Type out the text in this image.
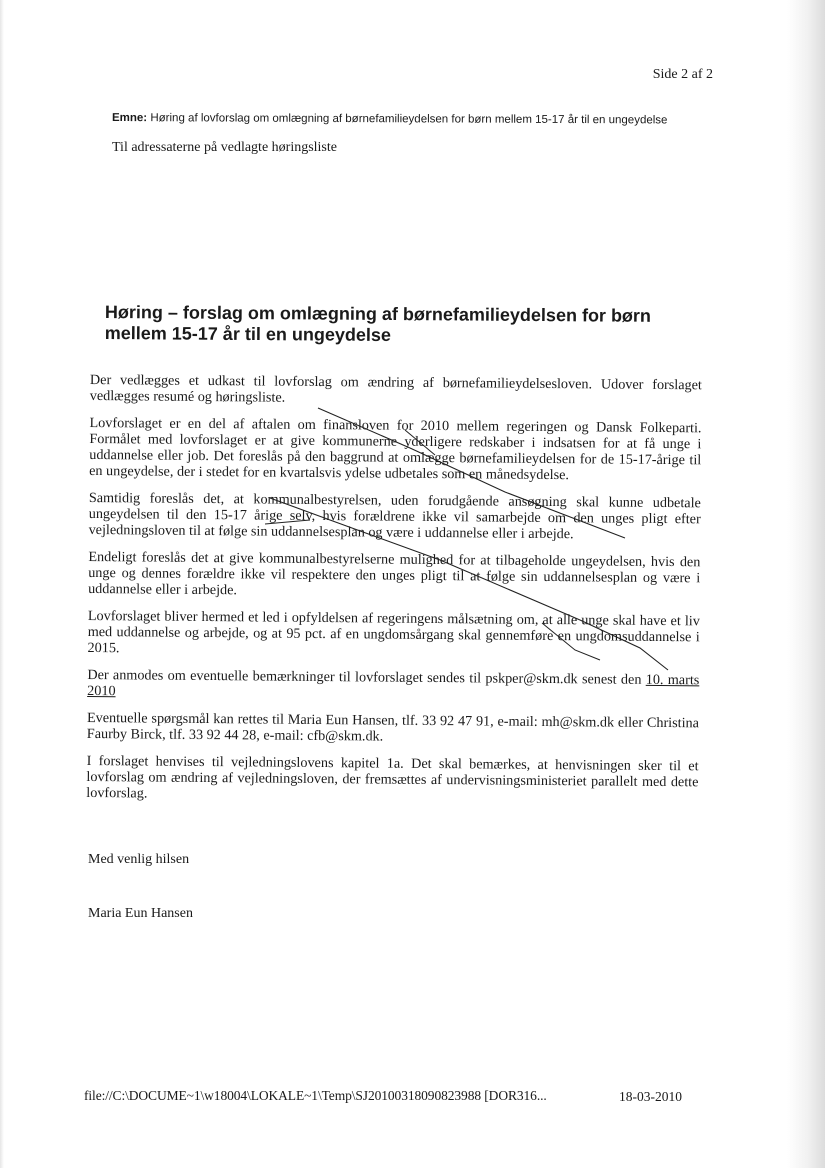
Side 2 af 2
Emne: Høring af lovforslag om omlægning af børnefamilieydelsen for børn mellem 15-17 år til en ungeydelse
Til adressaterne på vedlagte høringsliste
Høring – forslag om omlægning af børnefamilieydelsen for børn mellem 15-17 år til en ungeydelse

Der vedlægges et udkast til lovforslag om ændring af børnefamilieydelsesloven. Udover forslaget vedlægges resumé og høringsliste.

Lovforslaget er en del af aftalen om finansloven for 2010 mellem regeringen og Dansk Folkeparti. Formålet med lovforslaget er at give kommunerne yderligere redskaber i indsatsen for at få unge i uddannelse eller job. Det foreslås på den baggrund at omlægge børnefamilieydelsen for de 15-17-årige til en ungeydelse, der i stedet for en kvartalsvis ydelse udbetales som en månedsydelse.

Samtidig foreslås det, at kommunalbestyrelsen, uden forudgående ansøgning skal kunne udbetale ungeydelsen til den 15-17 årige selv, hvis forældrene ikke vil samarbejde om den unges pligt efter vejledningsloven til at følge sin uddannelsesplan og være i uddannelse eller i arbejde.

Endeligt foreslås det at give kommunalbestyrelserne mulighed for at tilbageholde ungeydelsen, hvis den unge og dennes forældre ikke vil respektere den unges pligt til at følge sin uddannelsesplan og være i uddannelse eller i arbejde.

Lovforslaget bliver hermed et led i opfyldelsen af regeringens målsætning om, at alle unge skal have et liv med uddannelse og arbejde, og at 95 pct. af en ungdomsårgang skal gennemføre en ungdomsuddannelse i 2015.

Der anmodes om eventuelle bemærkninger til lovforslaget sendes til pskper@skm.dk senest den 10. marts 2010

Eventuelle spørgsmål kan rettes til Maria Eun Hansen, tlf. 33 92 47 91, e-mail: mh@skm.dk eller Christina Faurby Birck, tlf. 33 92 44 28, e-mail: cfb@skm.dk.

I forslaget henvises til vejledningslovens kapitel 1a. Det skal bemærkes, at henvisningen sker til et lovforslag om ændring af vejledningsloven, der fremsættes af undervisningsministeriet parallelt med dette lovforslag.

Med venlig hilsen
Maria Eun Hansen
file://C:\DOCUME~1\w18004\LOKALE~1\Temp\SJ20100318090823988 [DOR316...	18-03-2010
